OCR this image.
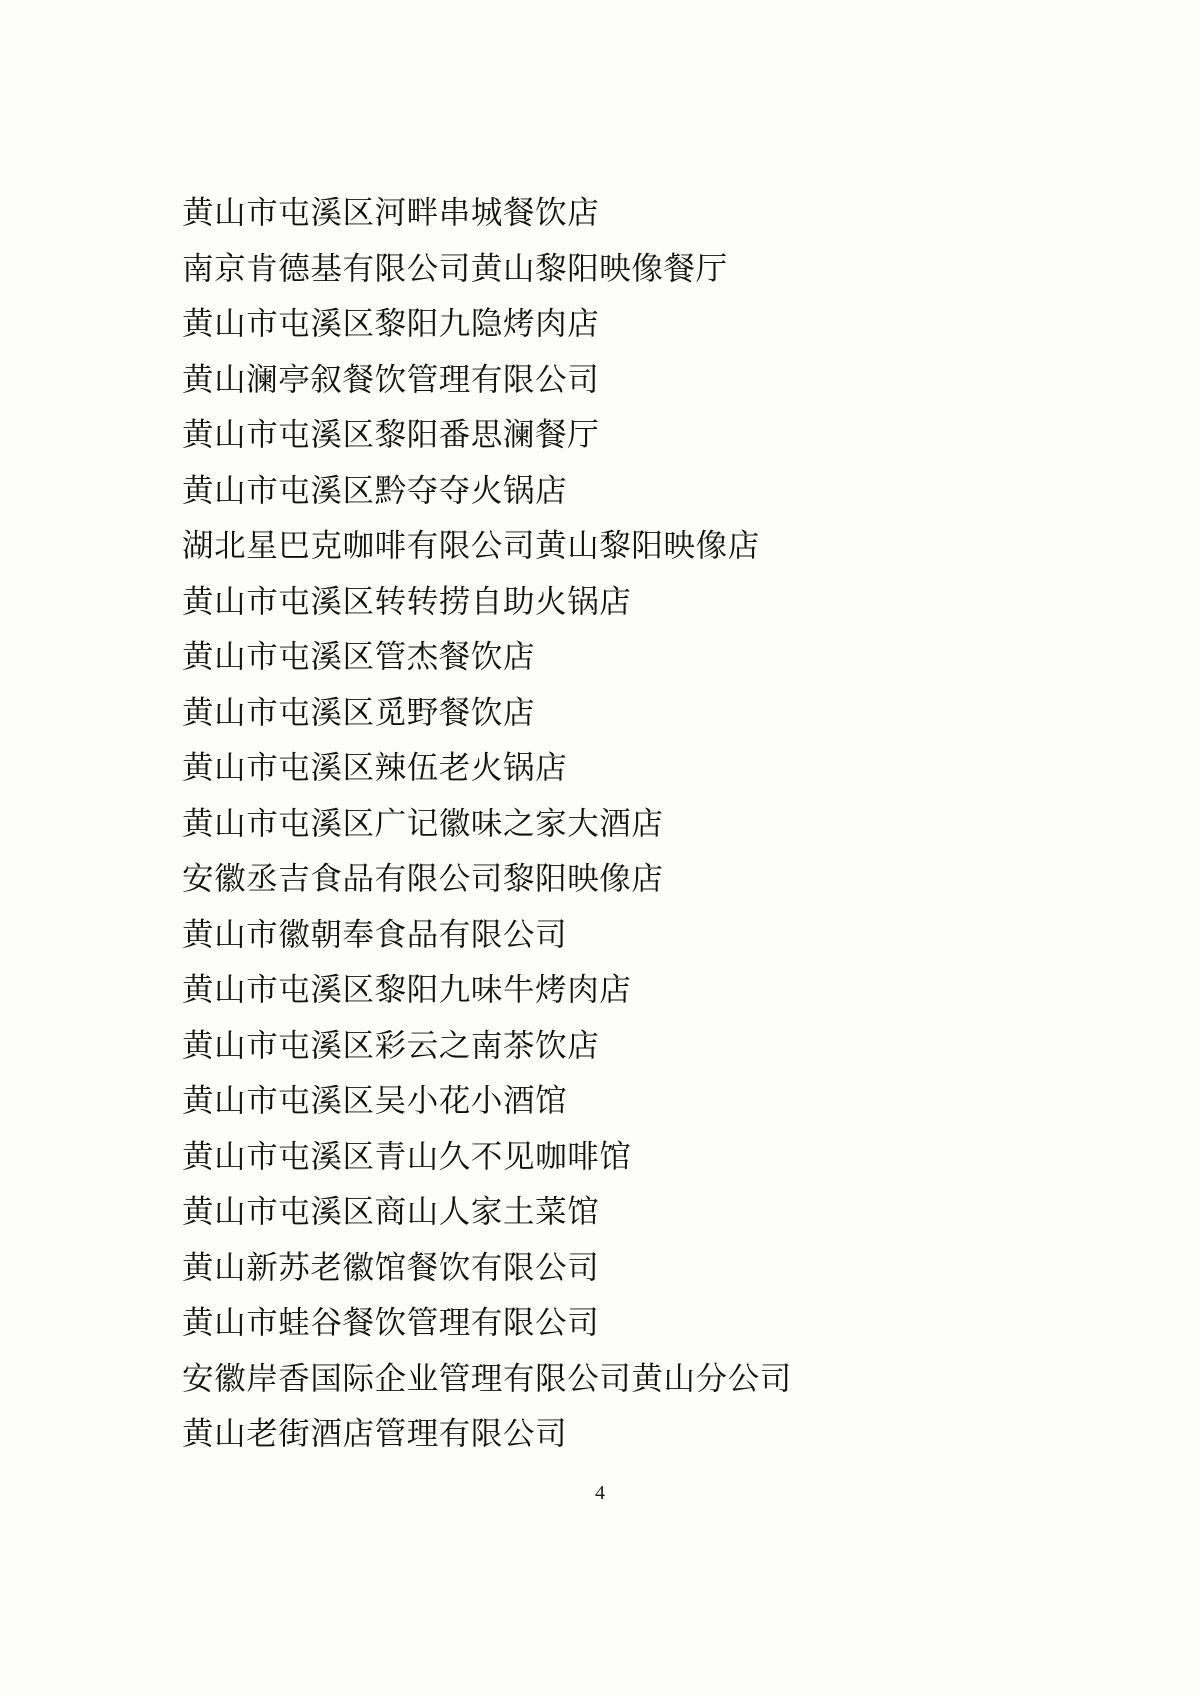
黄山市屯溪区河畔串城餐饮店
南京肯德基有限公司黄山黎阳映像餐厅
黄山市屯溪区黎阳九隐烤肉店
黄山澜亭叙餐饮管理有限公司
黄山市屯溪区黎阳番思澜餐厅
黄山市屯溪区黔夺夺火锅店
湖北星巴克咖啡有限公司黄山黎阳映像店
黄山市屯溪区转转捞自助火锅店
黄山市屯溪区管杰餐饮店
黄山市屯溪区觅野餐饮店
黄山市屯溪区辣伍老火锅店
黄山市屯溪区广记徽味之家大酒店
安徽丞吉食品有限公司黎阳映像店
黄山市徽朝奉食品有限公司
黄山市屯溪区黎阳九味牛烤肉店
黄山市屯溪区彩云之南茶饮店
黄山市屯溪区吴小花小酒馆
黄山市屯溪区青山久不见咖啡馆
黄山市屯溪区商山人家土菜馆
黄山新苏老徽馆餐饮有限公司
黄山市蛙谷餐饮管理有限公司
安徽岸香国际企业管理有限公司黄山分公司
黄山老街酒店管理有限公司
4
